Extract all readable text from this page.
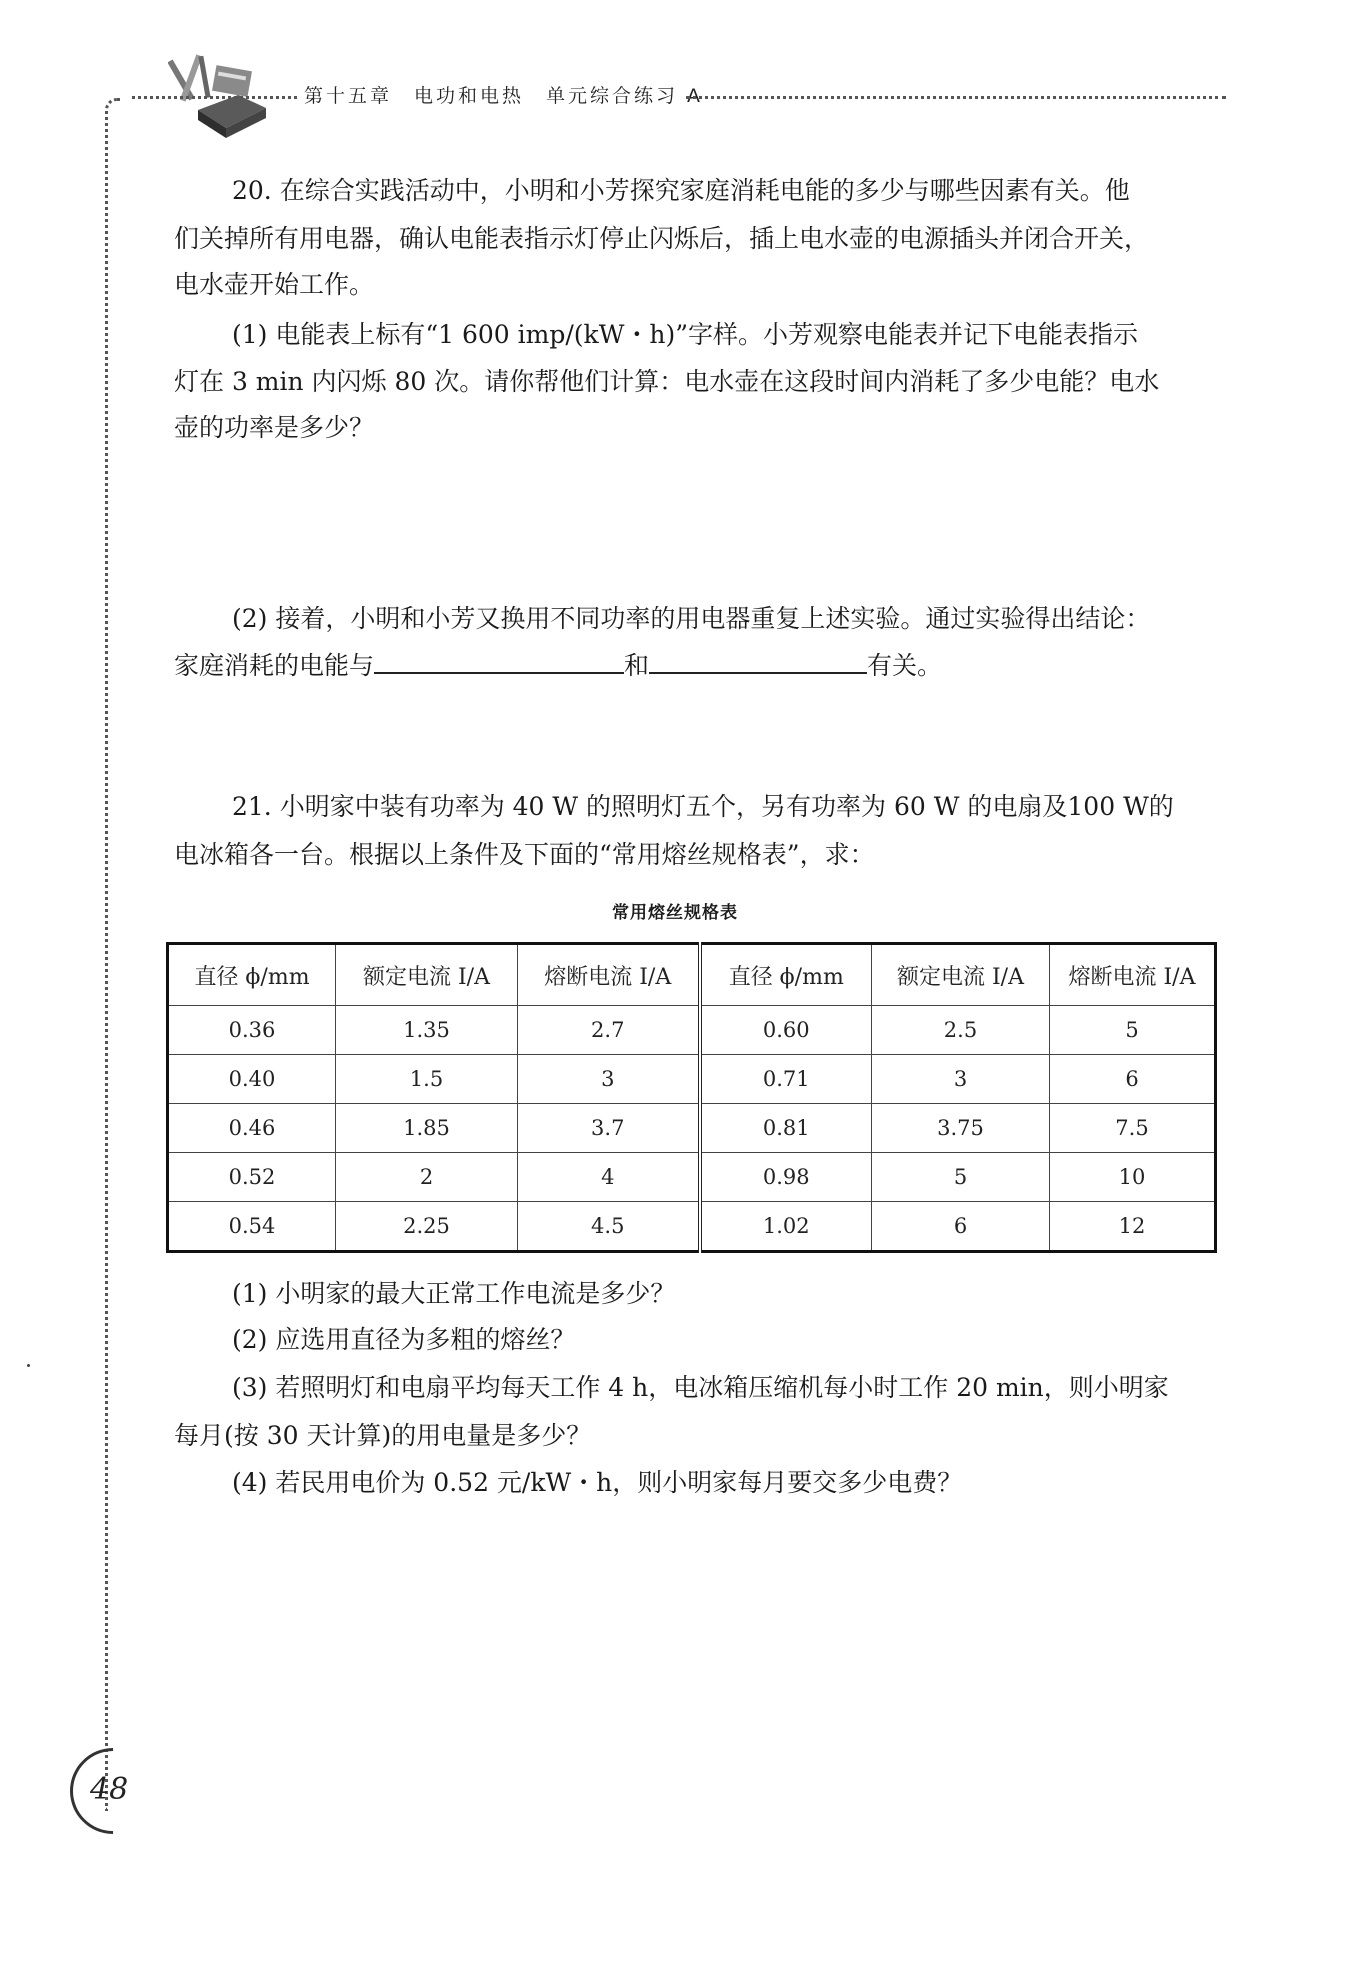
第十五章　电功和电热　单元综合练习 A

20. 在综合实践活动中，小明和小芳探究家庭消耗电能的多少与哪些因素有关。他

们关掉所有用电器，确认电能表指示灯停止闪烁后，插上电水壶的电源插头并闭合开关，

电水壶开始工作。

(1) 电能表上标有“1 600 imp/(kW・h)”字样。小芳观察电能表并记下电能表指示

灯在 3 min 内闪烁 80 次。请你帮他们计算：电水壶在这段时间内消耗了多少电能？电水

壶的功率是多少？

(2) 接着，小明和小芳又换用不同功率的用电器重复上述实验。通过实验得出结论：

家庭消耗的电能与	和	有关。

21. 小明家中装有功率为 40 W 的照明灯五个，另有功率为 60 W 的电扇及100 W的

电冰箱各一台。根据以上条件及下面的“常用熔丝规格表”，求：

常用熔丝规格表
直径 ϕ/mm	额定电流 I/A	熔断电流 I/A	直径 ϕ/mm	额定电流 I/A	熔断电流 I/A
0.36	1.35	2.7	0.60	2.5	5
0.40	1.5	3	0.71	3	6
0.46	1.85	3.7	0.81	3.75	7.5
0.52	2	4	0.98	5	10
0.54	2.25	4.5	1.02	6	12

(1) 小明家的最大正常工作电流是多少？

(2) 应选用直径为多粗的熔丝？

(3) 若照明灯和电扇平均每天工作 4 h，电冰箱压缩机每小时工作 20 min，则小明家

每月(按 30 天计算)的用电量是多少？

(4) 若民用电价为 0.52 元/kW・h，则小明家每月要交多少电费？

48
